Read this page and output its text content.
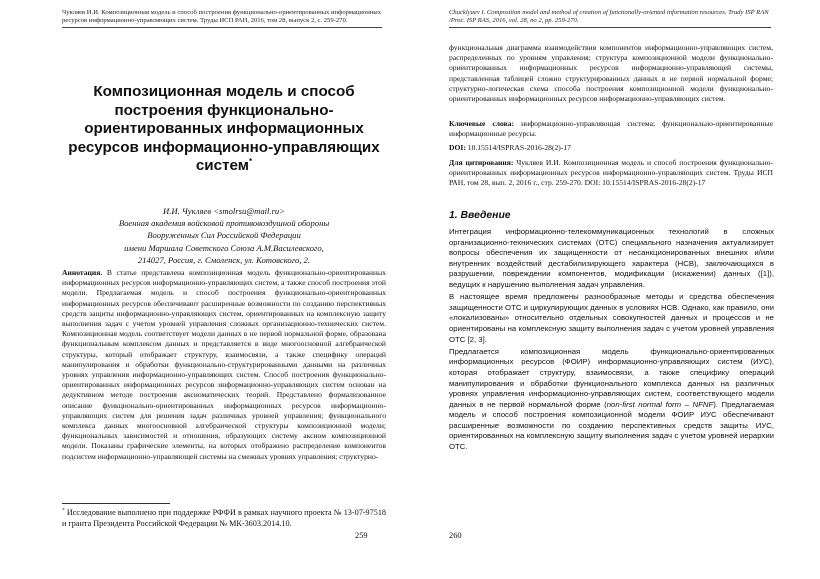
Чукляев И.И. Композиционная модель и способ построения функционально-ориентированных информационных ресурсов информационно-управляющих систем. Труды ИСП РАН, 2016, том 28, выпуск 2, с. 259-270.
Композиционная модель и способ построения функционально-ориентированных информационных ресурсов информационно-управляющих систем*
И.И. Чукляев <smolrsu@mail.ru>
Военная академия войсковой противовоздушной обороны
Вооруженных Сил Российской Федерации
имени Маршала Советского Союза А.М.Василевского,
214027, Россия, г. Смоленск, ул. Котовского, 2.
Аннотация. В статье представлена композиционная модель функционально-ориентированных информационных ресурсов информационно-управляющих систем, а также способ построения этой модели. Предлагаемая модель и способ построения функционально-ориентированных информационных ресурсов обеспечивают расширенные возможности по созданию перспективных средств защиты информационно-управляющих систем, ориентированных на комплексную защиту выполнения задач с учетом уровней управления сложных организационно-технических систем. Композиционная модель соответствует модели данных в не первой нормальной форме, образована функциональным комплексом данных и представляется в виде многоосновной алгебраической структуры, который отображает структуру, взаимосвязи, а также специфику операций манипулирования и обработки функционально-структурированными данными на различных уровнях управления информационно-управляющих систем. Способ построения функционально-ориентированных информационных ресурсов информационно-управляющих систем основан на дедуктивном методе построения аксиоматических теорий. Представлено формализованное описание функционально-ориентированных информационных ресурсов информационно-управляющих систем для решения задач различных уровней управления; функционального комплекса данных многоосновной алгебраической структуры композиционной модели; функциональных зависимостей и отношения, образующих систему аксиом композиционной модели. Показаны графические элементы, на которых отображено распределение компонентов подсистем информационно-управляющей системы на смежных уровнях управления; структурно-
* Исследование выполнено при поддержке РФФИ в рамках научного проекта № 13-07-97518 и гранта Президента Российской Федерации № МК-3603.2014.10.
259
Chucklyaev I. Composition model and method of creation of functionally-oriented information resources. Trudy ISP RAN /Proc. ISP RAS, 2016, vol. 28, no 2, pp. 259-270.
функциональная диаграмма взаимодействия компонентов информационно-управляющих систем, распределенных по уровням управления; структура композиционной модели функционально-ориентированных информационных ресурсов информационно-управляющей системы, представленная таблицей сложно структурированных данных в не первой нормальной форме; структурно-логическая схема способа построения композиционной модели функционально-ориентированных информационных ресурсов информационно-управляющих систем.
Ключевые слова: информационно-управляющая система; функционально-ориентированные информационные ресурсы.
DOI: 10.15514/ISPRAS-2016-28(2)-17
Для цитирования: Чукляев И.И. Композиционная модель и способ построения функционально-ориентированных информационных ресурсов информационно-управляющих систем. Труды ИСП РАН, том 28, вып. 2, 2016 г., стр. 259-270. DOI: 10.15514/ISPRAS-2016-28(2)-17
1. Введение

Интеграция информационно-телекоммуникационных технологий в сложных организационно-технических системах (ОТС) специального назначения актуализирует вопросы обеспечения их защищенности от несанкционированных внешних и/или внутренних воздействий дестабилизирующего характера (НСВ), заключающихся в разрушении, повреждении компонентов, модификации (искажении) данных ([1]), ведущих к нарушению выполнения задач управления.

В настоящее время предложены разнообразные методы и средства обеспечения защищенности ОТС и циркулирующих данных в условиях НСВ. Однако, как правило, они «локализованы» относительно отдельных совокупностей данных и процессов и не ориентированы на комплексную защиту выполнения задач с учетом уровней управления ОТС [2, 3].

Предлагается композиционная модель функционально-ориентированных информационных ресурсов (ФОИР) информационно-управляющих систем (ИУС), которая отображает структуру, взаимосвязи, а также специфику операций манипулирования и обработки функционального комплекса данных на различных уровнях управления информационно-управляющих систем, соответствующего модели данных в не первой нормальной форме (non-first normal form – NFNF). Предлагаемая модель и способ построения композиционной модели ФОИР ИУС обеспечивают расширенные возможности по созданию перспективных средств защиты ИУС, ориентированных на комплексную защиту выполнения задач с учетом уровней иерархии ОТС.

260
